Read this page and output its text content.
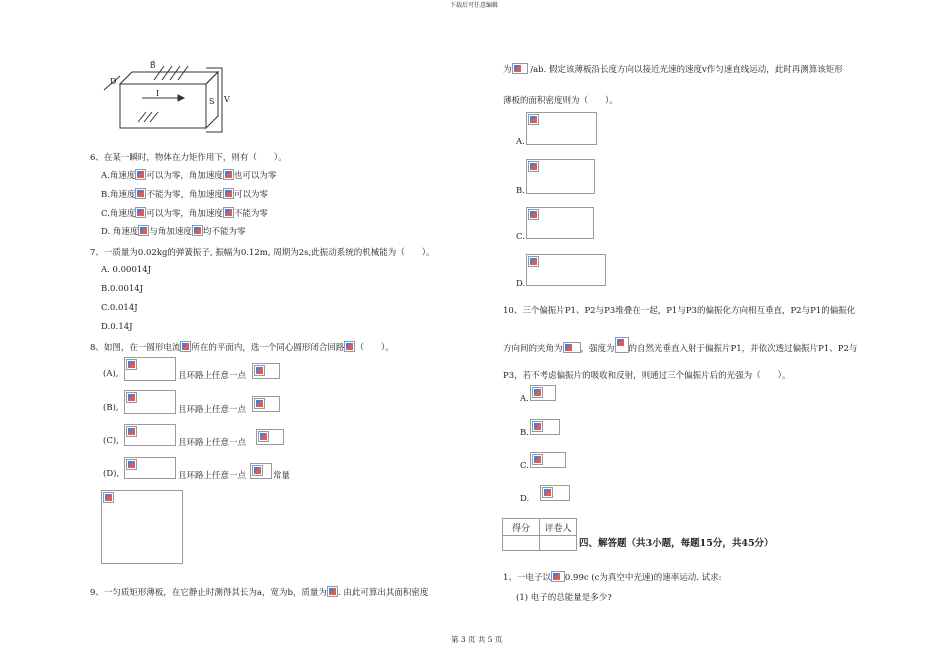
下载后可任意编辑
第 3 页 共 5 页
B⃗
D
I
S V
6、在某一瞬时，物体在力矩作用下，则有（　　）。
A.角速度 可以为零，角加速度 也可以为零
B.角速度 不能为零，角加速度 可以为零
C.角速度 可以为零，角加速度 不能为零
D. 角速度 与角加速度 均不能为零
7、一质量为0.02kg的弹簧振子, 振幅为0.12m, 周期为2s,此振动系统的机械能为（　　）。
A. 0.00014J
B.0.0014J
C.0.014J
D.0.14J
8、如图，在一圆形电流 所在的平面内，选一个同心圆形闭合回路 （　　）。
(A),	且环路上任意一点
(B),	且环路上任意一点
(C),	且环路上任意一点
(D),	且环路上任意一点	常量
9、一匀质矩形薄板，在它静止时测得其长为a，宽为b，质量为 . 由此可算出其面积密度
为 /ab. 假定该薄板沿长度方向以接近光速的速度v作匀速直线运动，此时再测算该矩形
薄板的面积密度则为（　　）。
A.
B.
C.
D.
10、三个偏振片P1、P2与P3堆叠在一起，P1与P3的偏振化方向相互垂直，P2与P1的偏振化
方向间的夹角为 ，强度为 的自然光垂直入射于偏振片P1，并依次透过偏振片P1、P2与
P3，若不考虑偏振片的吸收和反射，则通过三个偏振片后的光强为（　　）。
A.
B.
C.
D.
得分	评卷人

四、解答题（共3小题，每题15分，共45分）
1、一电子以 0.99c (c为真空中光速)的速率运动. 试求:
(1) 电子的总能量是多少?
